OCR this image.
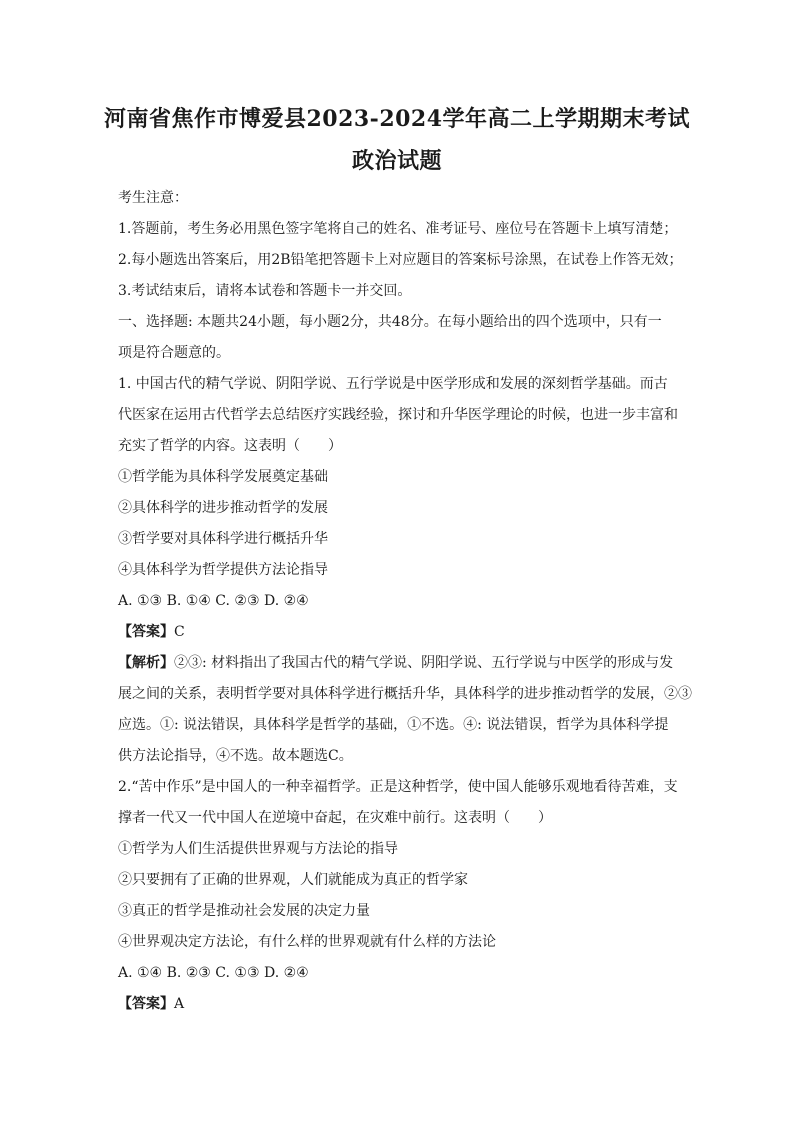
河南省焦作市博爱县2023-2024学年高二上学期期末考试
政治试题
考生注意：
1.答题前，考生务必用黑色签字笔将自己的姓名、准考证号、座位号在答题卡上填写清楚；
2.每小题选出答案后，用2B铅笔把答题卡上对应题目的答案标号涂黑，在试卷上作答无效；
3.考试结束后，请将本试卷和答题卡一并交回。
一、选择题: 本题共24小题，每小题2分，共48分。在每小题给出的四个选项中，只有一
项是符合题意的。
1. 中国古代的精气学说、阴阳学说、五行学说是中医学形成和发展的深刻哲学基础。而古
代医家在运用古代哲学去总结医疗实践经验，探讨和升华医学理论的时候，也进一步丰富和
充实了哲学的内容。这表明（　　）
①哲学能为具体科学发展奠定基础
②具体科学的进步推动哲学的发展
③哲学要对具体科学进行概括升华
④具体科学为哲学提供方法论指导
A. ①③ B. ①④ C. ②③ D. ②④
【答案】C
【解析】②③: 材料指出了我国古代的精气学说、阴阳学说、五行学说与中医学的形成与发
展之间的关系，表明哲学要对具体科学进行概括升华，具体科学的进步推动哲学的发展，②③
应选。①: 说法错误，具体科学是哲学的基础，①不选。④: 说法错误，哲学为具体科学提
供方法论指导，④不选。故本题选C。
2.“苦中作乐”是中国人的一种幸福哲学。正是这种哲学，使中国人能够乐观地看待苦难，支
撑者一代又一代中国人在逆境中奋起，在灾难中前行。这表明（　　）
①哲学为人们生活提供世界观与方法论的指导
②只要拥有了正确的世界观，人们就能成为真正的哲学家
③真正的哲学是推动社会发展的决定力量
④世界观决定方法论，有什么样的世界观就有什么样的方法论
A. ①④ B. ②③ C. ①③ D. ②④
【答案】A
